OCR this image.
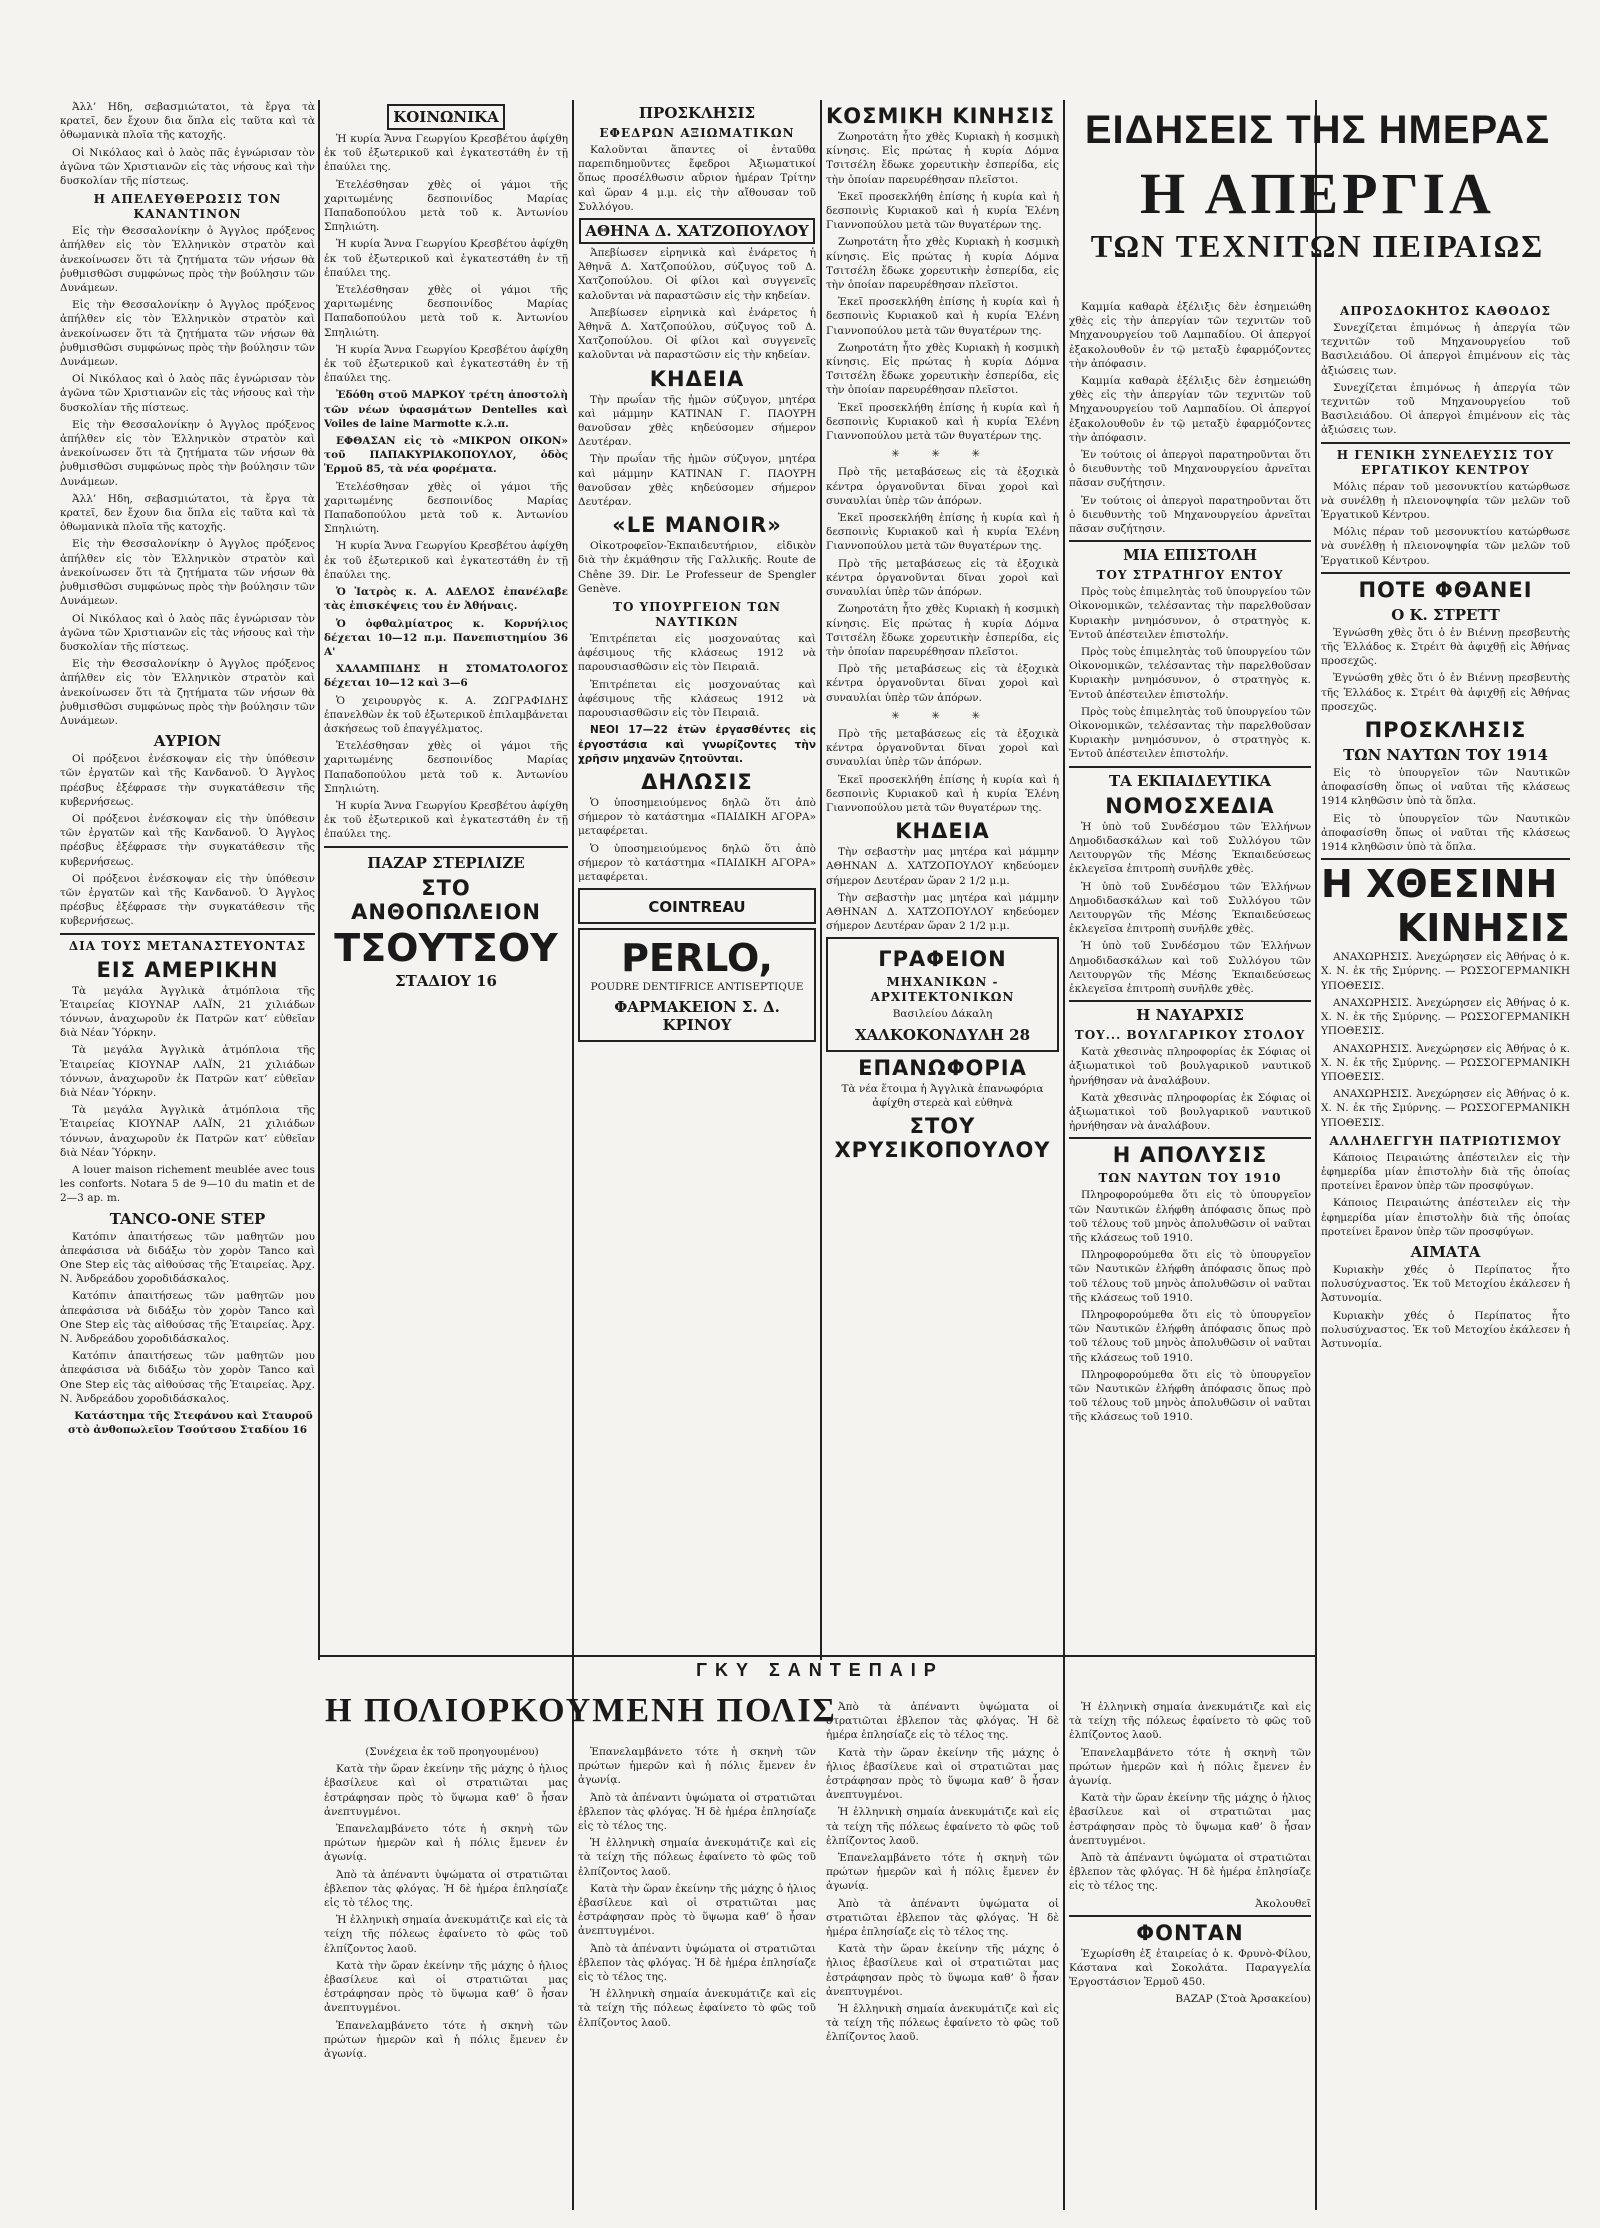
ΕΙΔΗΣΕΙΣ ΤΗΣ ΗΜΕΡΑΣ
Η ΑΠΕΡΓΙΑ
ΤΩΝ ΤΕΧΝΙΤΩΝ ΠΕΙΡΑΙΩΣ

Ἀλλ’ Ηδη, σεβασμιώτατοι, τὰ ἔργα τὰ κρατεῖ, δεν ἔχουν δια ὅπλα εἰς ταῦτα καὶ τὰ ὀθωμανικὰ πλοῖα τῆς κατοχῆς.

Οἱ Νικόλαος καὶ ὁ λαὸς πᾶς ἐγνώρισαν τὸν ἀγῶνα τῶν Χριστιανῶν εἰς τὰς νήσους καὶ τὴν δυσκολίαν τῆς πίστεως.

Η ΑΠΕΛΕΥΘΕΡΩΣΙΣ ΤΟΝ ΚΑΝΑΝΤΙΝΟΝ

Εἰς τὴν Θεσσαλονίκην ὁ Ἀγγλος πρόξενος ἀπήλθεν εἰς τὸν Ἑλληνικὸν στρατὸν καὶ ἀνεκοίνωσεν ὅτι τὰ ζητήματα τῶν νήσων θὰ ῥυθμισθῶσι συμφώνως πρὸς τὴν βούλησιν τῶν Δυνάμεων.

Εἰς τὴν Θεσσαλονίκην ὁ Ἀγγλος πρόξενος ἀπήλθεν εἰς τὸν Ἑλληνικὸν στρατὸν καὶ ἀνεκοίνωσεν ὅτι τὰ ζητήματα τῶν νήσων θὰ ῥυθμισθῶσι συμφώνως πρὸς τὴν βούλησιν τῶν Δυνάμεων.

Οἱ Νικόλαος καὶ ὁ λαὸς πᾶς ἐγνώρισαν τὸν ἀγῶνα τῶν Χριστιανῶν εἰς τὰς νήσους καὶ τὴν δυσκολίαν τῆς πίστεως.

Εἰς τὴν Θεσσαλονίκην ὁ Ἀγγλος πρόξενος ἀπήλθεν εἰς τὸν Ἑλληνικὸν στρατὸν καὶ ἀνεκοίνωσεν ὅτι τὰ ζητήματα τῶν νήσων θὰ ῥυθμισθῶσι συμφώνως πρὸς τὴν βούλησιν τῶν Δυνάμεων.

Ἀλλ’ Ηδη, σεβασμιώτατοι, τὰ ἔργα τὰ κρατεῖ, δεν ἔχουν δια ὅπλα εἰς ταῦτα καὶ τὰ ὀθωμανικὰ πλοῖα τῆς κατοχῆς.

Εἰς τὴν Θεσσαλονίκην ὁ Ἀγγλος πρόξενος ἀπήλθεν εἰς τὸν Ἑλληνικὸν στρατὸν καὶ ἀνεκοίνωσεν ὅτι τὰ ζητήματα τῶν νήσων θὰ ῥυθμισθῶσι συμφώνως πρὸς τὴν βούλησιν τῶν Δυνάμεων.

Οἱ Νικόλαος καὶ ὁ λαὸς πᾶς ἐγνώρισαν τὸν ἀγῶνα τῶν Χριστιανῶν εἰς τὰς νήσους καὶ τὴν δυσκολίαν τῆς πίστεως.

Εἰς τὴν Θεσσαλονίκην ὁ Ἀγγλος πρόξενος ἀπήλθεν εἰς τὸν Ἑλληνικὸν στρατὸν καὶ ἀνεκοίνωσεν ὅτι τὰ ζητήματα τῶν νήσων θὰ ῥυθμισθῶσι συμφώνως πρὸς τὴν βούλησιν τῶν Δυνάμεων.

ΑΥΡΙΟΝ

Οἱ πρόξενοι ἐνέσκοψαν εἰς τὴν ὑπόθεσιν τῶν ἐργατῶν καὶ τῆς Κανδανοῦ. Ὁ Ἀγγλος πρέσβυς ἐξέφρασε τὴν συγκατάθεσιν τῆς κυβερνήσεως.

Οἱ πρόξενοι ἐνέσκοψαν εἰς τὴν ὑπόθεσιν τῶν ἐργατῶν καὶ τῆς Κανδανοῦ. Ὁ Ἀγγλος πρέσβυς ἐξέφρασε τὴν συγκατάθεσιν τῆς κυβερνήσεως.

Οἱ πρόξενοι ἐνέσκοψαν εἰς τὴν ὑπόθεσιν τῶν ἐργατῶν καὶ τῆς Κανδανοῦ. Ὁ Ἀγγλος πρέσβυς ἐξέφρασε τὴν συγκατάθεσιν τῆς κυβερνήσεως.

ΔΙΑ ΤΟΥΣ ΜΕΤΑΝΑΣΤΕΥΟΝΤΑΣ
ΕΙΣ ΑΜΕΡΙΚΗΝ

Τὰ μεγάλα Ἀγγλικὰ ἀτμόπλοια τῆς Ἑταιρείας ΚΙΟΥΝΑΡ ΛΑΪΝ, 21 χιλιάδων τόννων, ἀναχωροῦν ἐκ Πατρῶν κατ’ εὐθεῖαν διὰ Νέαν Ὑόρκην.

Τὰ μεγάλα Ἀγγλικὰ ἀτμόπλοια τῆς Ἑταιρείας ΚΙΟΥΝΑΡ ΛΑΪΝ, 21 χιλιάδων τόννων, ἀναχωροῦν ἐκ Πατρῶν κατ’ εὐθεῖαν διὰ Νέαν Ὑόρκην.

Τὰ μεγάλα Ἀγγλικὰ ἀτμόπλοια τῆς Ἑταιρείας ΚΙΟΥΝΑΡ ΛΑΪΝ, 21 χιλιάδων τόννων, ἀναχωροῦν ἐκ Πατρῶν κατ’ εὐθεῖαν διὰ Νέαν Ὑόρκην.

A louer maison richement meublée avec tous les conforts. Notara 5 de 9—10 du matin et de 2—3 ap. m.

TANCO-ONE STEP

Κατόπιν ἀπαιτήσεως τῶν μαθητῶν μου ἀπεφάσισα νὰ διδάξω τὸν χορὸν Tanco καὶ One Step εἰς τὰς αἰθούσας τῆς Ἑταιρείας. Ἀρχ. Ν. Ἀνδρεάδου χοροδιδάσκαλος.

Κατόπιν ἀπαιτήσεως τῶν μαθητῶν μου ἀπεφάσισα νὰ διδάξω τὸν χορὸν Tanco καὶ One Step εἰς τὰς αἰθούσας τῆς Ἑταιρείας. Ἀρχ. Ν. Ἀνδρεάδου χοροδιδάσκαλος.

Κατόπιν ἀπαιτήσεως τῶν μαθητῶν μου ἀπεφάσισα νὰ διδάξω τὸν χορὸν Tanco καὶ One Step εἰς τὰς αἰθούσας τῆς Ἑταιρείας. Ἀρχ. Ν. Ἀνδρεάδου χοροδιδάσκαλος.

Κατάστημα τῆς Στεφάνου καὶ Σταυροῦ στὸ ἀνθοπωλεῖον Τσούτσου Σταδίου 16

ΚΟΙΝΩΝΙΚΑ

Ἡ κυρία Ἄννα Γεωργίου Κρεσβέτου ἀφίχθη ἐκ τοῦ ἐξωτερικοῦ καὶ ἐγκατεστάθη ἐν τῇ ἐπαύλει της.

Ἐτελέσθησαν χθὲς οἱ γάμοι τῆς χαριτωμένης δεσποινίδος Μαρίας Παπαδοπούλου μετὰ τοῦ κ. Ἀντωνίου Σπηλιώτη.

Ἡ κυρία Ἄννα Γεωργίου Κρεσβέτου ἀφίχθη ἐκ τοῦ ἐξωτερικοῦ καὶ ἐγκατεστάθη ἐν τῇ ἐπαύλει της.

Ἐτελέσθησαν χθὲς οἱ γάμοι τῆς χαριτωμένης δεσποινίδος Μαρίας Παπαδοπούλου μετὰ τοῦ κ. Ἀντωνίου Σπηλιώτη.

Ἡ κυρία Ἄννα Γεωργίου Κρεσβέτου ἀφίχθη ἐκ τοῦ ἐξωτερικοῦ καὶ ἐγκατεστάθη ἐν τῇ ἐπαύλει της.

Ἐδόθη στοῦ ΜΑΡΚΟΥ τρέτη ἀποστολὴ τῶν νέων ὑφασμάτων Dentelles καὶ Voiles de laine Marmotte κ.λ.π.

ΕΦΘΑΣΑΝ εἰς τὸ «ΜΙΚΡΟΝ ΟΙΚΟΝ» τοῦ ΠΑΠΑΚΥΡΙΑΚΟΠΟΥΛΟΥ, ὁδὸς Ἑρμοῦ 85, τὰ νέα φορέματα.

Ἐτελέσθησαν χθὲς οἱ γάμοι τῆς χαριτωμένης δεσποινίδος Μαρίας Παπαδοπούλου μετὰ τοῦ κ. Ἀντωνίου Σπηλιώτη.

Ἡ κυρία Ἄννα Γεωργίου Κρεσβέτου ἀφίχθη ἐκ τοῦ ἐξωτερικοῦ καὶ ἐγκατεστάθη ἐν τῇ ἐπαύλει της.

Ὁ Ἰατρὸς κ. Α. ΑΔΕΛΟΣ ἐπανέλαβε τὰς ἐπισκέψεις του ἐν Ἀθήναις.

Ὁ ὀφθαλμίατρος κ. Κορνήλιος δέχεται 10—12 π.μ. Πανεπιστημίου 36 Α'

ΧΑΛΑΜΠΙΔΗΣ Η ΣΤΟΜΑΤΟΛΟΓΟΣ δέχεται 10—12 καὶ 3—6

Ὁ χειρουργὸς κ. Α. ΖΩΓΡΑΦΙΔΗΣ ἐπανελθὼν ἐκ τοῦ ἐξωτερικοῦ ἐπιλαμβάνεται ἀσκήσεως τοῦ ἐπαγγέλματος.

Ἐτελέσθησαν χθὲς οἱ γάμοι τῆς χαριτωμένης δεσποινίδος Μαρίας Παπαδοπούλου μετὰ τοῦ κ. Ἀντωνίου Σπηλιώτη.

Ἡ κυρία Ἄννα Γεωργίου Κρεσβέτου ἀφίχθη ἐκ τοῦ ἐξωτερικοῦ καὶ ἐγκατεστάθη ἐν τῇ ἐπαύλει της.

ΠΑΖΑΡ ΣΤΕΡΙΛΙΖΕ
ΣΤΟ ΑΝΘΟΠΩΛΕΙΟΝ
ΤΣΟΥΤΣΟΥ
ΣΤΑΔΙΟΥ 16
ΠΡΟΣΚΛΗΣΙΣ
ΕΦΕΔΡΩΝ ΑΞΙΩΜΑΤΙΚΩΝ

Καλοῦνται ἅπαντες οἱ ἐνταῦθα παρεπιδημοῦντες ἔφεδροι Ἀξιωματικοί ὅπως προσέλθωσιν αὔριον ἡμέραν Τρίτην καὶ ὥραν 4 μ.μ. εἰς τὴν αἴθουσαν τοῦ Συλλόγου.

ΑΘΗΝΑ Δ. ΧΑΤΖΟΠΟΥΛΟΥ

Ἀπεβίωσεν εἰρηνικὰ καὶ ἐνάρετος ἡ Ἀθηνᾶ Δ. Χατζοπούλου, σύζυγος τοῦ Δ. Χατζοπούλου. Οἱ φίλοι καὶ συγγενεῖς καλοῦνται νὰ παραστῶσιν εἰς τὴν κηδείαν.

Ἀπεβίωσεν εἰρηνικὰ καὶ ἐνάρετος ἡ Ἀθηνᾶ Δ. Χατζοπούλου, σύζυγος τοῦ Δ. Χατζοπούλου. Οἱ φίλοι καὶ συγγενεῖς καλοῦνται νὰ παραστῶσιν εἰς τὴν κηδείαν.

ΚΗΔΕΙΑ

Τὴν πρωΐαν τῆς ἡμῶν σύζυγον, μητέρα καὶ μάμμην ΚΑΤΙΝΑΝ Γ. ΠΑΟΥΡΗ θανοῦσαν χθὲς κηδεύσομεν σήμερον Δευτέραν.

Τὴν πρωΐαν τῆς ἡμῶν σύζυγον, μητέρα καὶ μάμμην ΚΑΤΙΝΑΝ Γ. ΠΑΟΥΡΗ θανοῦσαν χθὲς κηδεύσομεν σήμερον Δευτέραν.

«LE MANOIR»

Οἰκοτροφεῖον-Ἐκπαιδευτήριον, εἰδικὸν διὰ τὴν ἐκμάθησιν τῆς Γαλλικῆς. Route de Chêne 39. Dir. Le Professeur de Spengler Genève.

ΤΟ ΥΠΟΥΡΓΕΙΟΝ ΤΩΝ ΝΑΥΤΙΚΩΝ

Ἐπιτρέπεται εἰς μοσχοναύτας καὶ ἀφέσιμους τῆς κλάσεως 1912 νὰ παρουσιασθῶσιν εἰς τὸν Πειραιᾶ.

Ἐπιτρέπεται εἰς μοσχοναύτας καὶ ἀφέσιμους τῆς κλάσεως 1912 νὰ παρουσιασθῶσιν εἰς τὸν Πειραιᾶ.

ΝΕΟΙ 17—22 ἐτῶν ἐργασθέντες εἰς ἐργοστάσια καὶ γνωρίζοντες τὴν χρῆσιν μηχανῶν ζητοῦνται.

ΔΗΛΩΣΙΣ

Ὁ ὑποσημειούμενος δηλῶ ὅτι ἀπὸ σήμερον τὸ κατάστημα «ΠΑΙΔΙΚΗ ΑΓΟΡΑ» μεταφέρεται.

Ὁ ὑποσημειούμενος δηλῶ ὅτι ἀπὸ σήμερον τὸ κατάστημα «ΠΑΙΔΙΚΗ ΑΓΟΡΑ» μεταφέρεται.

COINTREAU
PERLO,
POUDRE DENTIFRICE ANTISEPTIQUE
ΦΑΡΜΑΚΕΙΟΝ Σ. Δ. ΚΡΙΝΟΥ
ΚΟΣΜΙΚΗ ΚΙΝΗΣΙΣ

Ζωηροτάτη ἦτο χθὲς Κυριακὴ ἡ κοσμικὴ κίνησις. Εἰς πρώτας ἡ κυρία Δόμνα Τσιτσέλη ἔδωκε χορευτικὴν ἑσπερίδα, εἰς τὴν ὁποίαν παρευρέθησαν πλεῖστοι.

Ἐκεῖ προσεκλήθη ἐπίσης ἡ κυρία καὶ ἡ δεσποινὶς Κυριακοῦ καὶ ἡ κυρία Ἑλένη Γιαννοπούλου μετὰ τῶν θυγατέρων της.

Ζωηροτάτη ἦτο χθὲς Κυριακὴ ἡ κοσμικὴ κίνησις. Εἰς πρώτας ἡ κυρία Δόμνα Τσιτσέλη ἔδωκε χορευτικὴν ἑσπερίδα, εἰς τὴν ὁποίαν παρευρέθησαν πλεῖστοι.

Ἐκεῖ προσεκλήθη ἐπίσης ἡ κυρία καὶ ἡ δεσποινὶς Κυριακοῦ καὶ ἡ κυρία Ἑλένη Γιαννοπούλου μετὰ τῶν θυγατέρων της.

Ζωηροτάτη ἦτο χθὲς Κυριακὴ ἡ κοσμικὴ κίνησις. Εἰς πρώτας ἡ κυρία Δόμνα Τσιτσέλη ἔδωκε χορευτικὴν ἑσπερίδα, εἰς τὴν ὁποίαν παρευρέθησαν πλεῖστοι.

Ἐκεῖ προσεκλήθη ἐπίσης ἡ κυρία καὶ ἡ δεσποινὶς Κυριακοῦ καὶ ἡ κυρία Ἑλένη Γιαννοπούλου μετὰ τῶν θυγατέρων της.

✳ ✳ ✳

Πρὸ τῆς μεταβάσεως εἰς τὰ ἐξοχικὰ κέντρα ὀργανοῦνται δῖναι χοροὶ καὶ συναυλίαι ὑπὲρ τῶν ἀπόρων.

Ἐκεῖ προσεκλήθη ἐπίσης ἡ κυρία καὶ ἡ δεσποινὶς Κυριακοῦ καὶ ἡ κυρία Ἑλένη Γιαννοπούλου μετὰ τῶν θυγατέρων της.

Πρὸ τῆς μεταβάσεως εἰς τὰ ἐξοχικὰ κέντρα ὀργανοῦνται δῖναι χοροὶ καὶ συναυλίαι ὑπὲρ τῶν ἀπόρων.

Ζωηροτάτη ἦτο χθὲς Κυριακὴ ἡ κοσμικὴ κίνησις. Εἰς πρώτας ἡ κυρία Δόμνα Τσιτσέλη ἔδωκε χορευτικὴν ἑσπερίδα, εἰς τὴν ὁποίαν παρευρέθησαν πλεῖστοι.

Πρὸ τῆς μεταβάσεως εἰς τὰ ἐξοχικὰ κέντρα ὀργανοῦνται δῖναι χοροὶ καὶ συναυλίαι ὑπὲρ τῶν ἀπόρων.

✳ ✳ ✳

Πρὸ τῆς μεταβάσεως εἰς τὰ ἐξοχικὰ κέντρα ὀργανοῦνται δῖναι χοροὶ καὶ συναυλίαι ὑπὲρ τῶν ἀπόρων.

Ἐκεῖ προσεκλήθη ἐπίσης ἡ κυρία καὶ ἡ δεσποινὶς Κυριακοῦ καὶ ἡ κυρία Ἑλένη Γιαννοπούλου μετὰ τῶν θυγατέρων της.

ΚΗΔΕΙΑ

Τὴν σεβαστὴν μας μητέρα καὶ μάμμην ΑΘΗΝΑΝ Δ. ΧΑΤΖΟΠΟΥΛΟΥ κηδεύομεν σήμερον Δευτέραν ὥραν 2 1/2 μ.μ.

Τὴν σεβαστὴν μας μητέρα καὶ μάμμην ΑΘΗΝΑΝ Δ. ΧΑΤΖΟΠΟΥΛΟΥ κηδεύομεν σήμερον Δευτέραν ὥραν 2 1/2 μ.μ.

ΓΡΑΦΕΙΟΝ
ΜΗΧΑΝΙΚΩΝ - ΑΡΧΙΤΕΚΤΟΝΙΚΩΝ
Βασιλείου Δάκαλη
ΧΑΛΚΟΚΟΝΔΥΛΗ 28
ΕΠΑΝΩΦΟΡΙΑ
Τὰ νέα ἕτοιμα ἡ Ἀγγλικὰ ἐπανωφόρια ἀφίχθη στερεὰ καὶ εὐθηνὰ
ΣΤΟΥ ΧΡΥΣΙΚΟΠΟΥΛΟΥ

Καμμία καθαρὰ ἐξέλιξις δὲν ἐσημειώθη χθὲς εἰς τὴν ἀπεργίαν τῶν τεχνιτῶν τοῦ Μηχανουργείου τοῦ Λαμπαδίου. Οἱ ἀπεργοί ἐξακολουθοῦν ἐν τῷ μεταξὺ ἐφαρμόζοντες τὴν ἀπόφασιν.

Καμμία καθαρὰ ἐξέλιξις δὲν ἐσημειώθη χθὲς εἰς τὴν ἀπεργίαν τῶν τεχνιτῶν τοῦ Μηχανουργείου τοῦ Λαμπαδίου. Οἱ ἀπεργοί ἐξακολουθοῦν ἐν τῷ μεταξὺ ἐφαρμόζοντες τὴν ἀπόφασιν.

Ἐν τούτοις οἱ ἀπεργοὶ παρατηροῦνται ὅτι ὁ διευθυντὴς τοῦ Μηχανουργείου ἀρνεῖται πᾶσαν συζήτησιν.

Ἐν τούτοις οἱ ἀπεργοὶ παρατηροῦνται ὅτι ὁ διευθυντὴς τοῦ Μηχανουργείου ἀρνεῖται πᾶσαν συζήτησιν.

ΜΙΑ ΕΠΙΣΤΟΛΗ
ΤΟΥ ΣΤΡΑΤΗΓΟΥ ΕΝΤΟΥ

Πρὸς τοὺς ἐπιμελητὰς τοῦ ὑπουργείου τῶν Οἰκονομικῶν, τελέσαντας τὴν παρελθοῦσαν Κυριακὴν μνημόσυνον, ὁ στρατηγὸς κ. Ἐντοῦ ἀπέστειλεν ἐπιστολήν.

Πρὸς τοὺς ἐπιμελητὰς τοῦ ὑπουργείου τῶν Οἰκονομικῶν, τελέσαντας τὴν παρελθοῦσαν Κυριακὴν μνημόσυνον, ὁ στρατηγὸς κ. Ἐντοῦ ἀπέστειλεν ἐπιστολήν.

Πρὸς τοὺς ἐπιμελητὰς τοῦ ὑπουργείου τῶν Οἰκονομικῶν, τελέσαντας τὴν παρελθοῦσαν Κυριακὴν μνημόσυνον, ὁ στρατηγὸς κ. Ἐντοῦ ἀπέστειλεν ἐπιστολήν.

ΤΑ ΕΚΠΑΙΔΕΥΤΙΚΑ
ΝΟΜΟΣΧΕΔΙΑ

Ἡ ὑπὸ τοῦ Συνδέσμου τῶν Ἑλλήνων Δημοδιδασκάλων καὶ τοῦ Συλλόγου τῶν Λειτουργῶν τῆς Μέσης Ἐκπαιδεύσεως ἐκλεγεῖσα ἐπιτροπὴ συνῆλθε χθὲς.

Ἡ ὑπὸ τοῦ Συνδέσμου τῶν Ἑλλήνων Δημοδιδασκάλων καὶ τοῦ Συλλόγου τῶν Λειτουργῶν τῆς Μέσης Ἐκπαιδεύσεως ἐκλεγεῖσα ἐπιτροπὴ συνῆλθε χθὲς.

Ἡ ὑπὸ τοῦ Συνδέσμου τῶν Ἑλλήνων Δημοδιδασκάλων καὶ τοῦ Συλλόγου τῶν Λειτουργῶν τῆς Μέσης Ἐκπαιδεύσεως ἐκλεγεῖσα ἐπιτροπὴ συνῆλθε χθὲς.

Η ΝΑΥΑΡΧΙΣ
ΤΟΥ... ΒΟΥΛΓΑΡΙΚΟΥ ΣΤΟΛΟΥ

Κατὰ χθεσινὰς πληροφορίας ἐκ Σόφιας οἱ ἀξιωματικοὶ τοῦ βουλγαρικοῦ ναυτικοῦ ἠρνήθησαν νὰ ἀναλάβουν.

Κατὰ χθεσινὰς πληροφορίας ἐκ Σόφιας οἱ ἀξιωματικοὶ τοῦ βουλγαρικοῦ ναυτικοῦ ἠρνήθησαν νὰ ἀναλάβουν.

Η ΑΠΟΛΥΣΙΣ
ΤΩΝ ΝΑΥΤΩΝ ΤΟΥ 1910

Πληροφορούμεθα ὅτι εἰς τὸ ὑπουργεῖον τῶν Ναυτικῶν ἐλήφθη ἀπόφασις ὅπως πρὸ τοῦ τέλους τοῦ μηνὸς ἀπολυθῶσιν οἱ ναῦται τῆς κλάσεως τοῦ 1910.

Πληροφορούμεθα ὅτι εἰς τὸ ὑπουργεῖον τῶν Ναυτικῶν ἐλήφθη ἀπόφασις ὅπως πρὸ τοῦ τέλους τοῦ μηνὸς ἀπολυθῶσιν οἱ ναῦται τῆς κλάσεως τοῦ 1910.

Πληροφορούμεθα ὅτι εἰς τὸ ὑπουργεῖον τῶν Ναυτικῶν ἐλήφθη ἀπόφασις ὅπως πρὸ τοῦ τέλους τοῦ μηνὸς ἀπολυθῶσιν οἱ ναῦται τῆς κλάσεως τοῦ 1910.

Πληροφορούμεθα ὅτι εἰς τὸ ὑπουργεῖον τῶν Ναυτικῶν ἐλήφθη ἀπόφασις ὅπως πρὸ τοῦ τέλους τοῦ μηνὸς ἀπολυθῶσιν οἱ ναῦται τῆς κλάσεως τοῦ 1910.

ΑΠΡΟΣΔΟΚΗΤΟΣ ΚΑΘΟΔΟΣ

Συνεχίζεται ἐπιμόνως ἡ ἀπεργία τῶν τεχνιτῶν τοῦ Μηχανουργείου τοῦ Βασιλειάδου. Οἱ ἀπεργοὶ ἐπιμένουν εἰς τὰς ἀξιώσεις των.

Συνεχίζεται ἐπιμόνως ἡ ἀπεργία τῶν τεχνιτῶν τοῦ Μηχανουργείου τοῦ Βασιλειάδου. Οἱ ἀπεργοὶ ἐπιμένουν εἰς τὰς ἀξιώσεις των.

Η ΓΕΝΙΚΗ ΣΥΝΕΛΕΥΣΙΣ ΤΟΥ ΕΡΓΑΤΙΚΟΥ ΚΕΝΤΡΟΥ

Μόλις πέραν τοῦ μεσονυκτίου κατώρθωσε νὰ συνέλθῃ ἡ πλειονοψηφία τῶν μελῶν τοῦ Ἐργατικοῦ Κέντρου.

Μόλις πέραν τοῦ μεσονυκτίου κατώρθωσε νὰ συνέλθῃ ἡ πλειονοψηφία τῶν μελῶν τοῦ Ἐργατικοῦ Κέντρου.

ΠΟΤΕ ΦΘΑΝΕΙ
Ο Κ. ΣΤΡΕΤΤ

Ἐγνώσθη χθὲς ὅτι ὁ ἐν Βιέννῃ πρεσβευτὴς τῆς Ἑλλάδος κ. Στρέιτ θὰ ἀφιχθῇ εἰς Ἀθήνας προσεχῶς.

Ἐγνώσθη χθὲς ὅτι ὁ ἐν Βιέννῃ πρεσβευτὴς τῆς Ἑλλάδος κ. Στρέιτ θὰ ἀφιχθῇ εἰς Ἀθήνας προσεχῶς.

ΠΡΟΣΚΛΗΣΙΣ
ΤΩΝ ΝΑΥΤΩΝ ΤΟΥ 1914

Εἰς τὸ ὑπουργεῖον τῶν Ναυτικῶν ἀποφασίσθη ὅπως οἱ ναῦται τῆς κλάσεως 1914 κληθῶσιν ὑπὸ τὰ ὅπλα.

Εἰς τὸ ὑπουργεῖον τῶν Ναυτικῶν ἀποφασίσθη ὅπως οἱ ναῦται τῆς κλάσεως 1914 κληθῶσιν ὑπὸ τὰ ὅπλα.

Η ΧΘΕΣΙΝΗ
ΚΙΝΗΣΙΣ

ΑΝΑΧΩΡΗΣΙΣ. Ἀνεχώρησεν εἰς Ἀθήνας ὁ κ. Χ. Ν. ἐκ τῆς Σμύρνης. — ΡΩΣΣΟΓΕΡΜΑΝΙΚΗ ΥΠΟΘΕΣΙΣ.

ΑΝΑΧΩΡΗΣΙΣ. Ἀνεχώρησεν εἰς Ἀθήνας ὁ κ. Χ. Ν. ἐκ τῆς Σμύρνης. — ΡΩΣΣΟΓΕΡΜΑΝΙΚΗ ΥΠΟΘΕΣΙΣ.

ΑΝΑΧΩΡΗΣΙΣ. Ἀνεχώρησεν εἰς Ἀθήνας ὁ κ. Χ. Ν. ἐκ τῆς Σμύρνης. — ΡΩΣΣΟΓΕΡΜΑΝΙΚΗ ΥΠΟΘΕΣΙΣ.

ΑΝΑΧΩΡΗΣΙΣ. Ἀνεχώρησεν εἰς Ἀθήνας ὁ κ. Χ. Ν. ἐκ τῆς Σμύρνης. — ΡΩΣΣΟΓΕΡΜΑΝΙΚΗ ΥΠΟΘΕΣΙΣ.

ΑΛΛΗΛΕΓΓΥΗ ΠΑΤΡΙΩΤΙΣΜΟΥ

Κάποιος Πειραιώτης ἀπέστειλεν εἰς τὴν ἐφημερίδα μίαν ἐπιστολὴν διὰ τῆς ὁποίας προτείνει ἔρανον ὑπὲρ τῶν προσφύγων.

Κάποιος Πειραιώτης ἀπέστειλεν εἰς τὴν ἐφημερίδα μίαν ἐπιστολὴν διὰ τῆς ὁποίας προτείνει ἔρανον ὑπὲρ τῶν προσφύγων.

ΑΙΜΑΤΑ

Κυριακὴν χθές ὁ Περίπατος ἦτο πολυσύχναστος. Ἐκ τοῦ Μετοχίου ἐκάλεσεν ἡ Ἀστυνομία.

Κυριακὴν χθές ὁ Περίπατος ἦτο πολυσύχναστος. Ἐκ τοῦ Μετοχίου ἐκάλεσεν ἡ Ἀστυνομία.

ΓΚΥ ΣΑΝΤΕΠΑΙΡ
Η ΠΟΛΙΟΡΚΟΥΜΕΝΗ ΠΟΛΙΣ

(Συνέχεια ἐκ τοῦ προηγουμένου)

Κατὰ τὴν ὥραν ἐκείνην τῆς μάχης ὁ ἡλιος ἐβασίλευε καὶ οἱ στρατιῶται μας ἐστράφησαν πρὸς τὸ ὕψωμα καθ’ ὃ ἦσαν ἀνεπτυγμένοι.

Ἐπανελαμβάνετο τότε ἡ σκηνὴ τῶν πρώτων ἡμερῶν καὶ ἡ πόλις ἔμενεν ἐν ἀγωνίᾳ.

Ἀπὸ τὰ ἀπέναντι ὑψώματα οἱ στρατιῶται ἐβλεπον τὰς φλόγας. Ἡ δὲ ἡμέρα ἐπλησίαζε εἰς τὸ τέλος της.

Ἡ ἐλληνικὴ σημαία ἀνεκυμάτιζε καὶ εἰς τὰ τείχη τῆς πόλεως ἐφαίνετο τὸ φῶς τοῦ ἐλπίζοντος λαοῦ.

Κατὰ τὴν ὥραν ἐκείνην τῆς μάχης ὁ ἡλιος ἐβασίλευε καὶ οἱ στρατιῶται μας ἐστράφησαν πρὸς τὸ ὕψωμα καθ’ ὃ ἦσαν ἀνεπτυγμένοι.

Ἐπανελαμβάνετο τότε ἡ σκηνὴ τῶν πρώτων ἡμερῶν καὶ ἡ πόλις ἔμενεν ἐν ἀγωνίᾳ.

Ἐπανελαμβάνετο τότε ἡ σκηνὴ τῶν πρώτων ἡμερῶν καὶ ἡ πόλις ἔμενεν ἐν ἀγωνίᾳ.

Ἀπὸ τὰ ἀπέναντι ὑψώματα οἱ στρατιῶται ἐβλεπον τὰς φλόγας. Ἡ δὲ ἡμέρα ἐπλησίαζε εἰς τὸ τέλος της.

Ἡ ἐλληνικὴ σημαία ἀνεκυμάτιζε καὶ εἰς τὰ τείχη τῆς πόλεως ἐφαίνετο τὸ φῶς τοῦ ἐλπίζοντος λαοῦ.

Κατὰ τὴν ὥραν ἐκείνην τῆς μάχης ὁ ἡλιος ἐβασίλευε καὶ οἱ στρατιῶται μας ἐστράφησαν πρὸς τὸ ὕψωμα καθ’ ὃ ἦσαν ἀνεπτυγμένοι.

Ἀπὸ τὰ ἀπέναντι ὑψώματα οἱ στρατιῶται ἐβλεπον τὰς φλόγας. Ἡ δὲ ἡμέρα ἐπλησίαζε εἰς τὸ τέλος της.

Ἡ ἐλληνικὴ σημαία ἀνεκυμάτιζε καὶ εἰς τὰ τείχη τῆς πόλεως ἐφαίνετο τὸ φῶς τοῦ ἐλπίζοντος λαοῦ.

Ἀπὸ τὰ ἀπέναντι ὑψώματα οἱ στρατιῶται ἐβλεπον τὰς φλόγας. Ἡ δὲ ἡμέρα ἐπλησίαζε εἰς τὸ τέλος της.

Κατὰ τὴν ὥραν ἐκείνην τῆς μάχης ὁ ἡλιος ἐβασίλευε καὶ οἱ στρατιῶται μας ἐστράφησαν πρὸς τὸ ὕψωμα καθ’ ὃ ἦσαν ἀνεπτυγμένοι.

Ἡ ἐλληνικὴ σημαία ἀνεκυμάτιζε καὶ εἰς τὰ τείχη τῆς πόλεως ἐφαίνετο τὸ φῶς τοῦ ἐλπίζοντος λαοῦ.

Ἐπανελαμβάνετο τότε ἡ σκηνὴ τῶν πρώτων ἡμερῶν καὶ ἡ πόλις ἔμενεν ἐν ἀγωνίᾳ.

Ἀπὸ τὰ ἀπέναντι ὑψώματα οἱ στρατιῶται ἐβλεπον τὰς φλόγας. Ἡ δὲ ἡμέρα ἐπλησίαζε εἰς τὸ τέλος της.

Κατὰ τὴν ὥραν ἐκείνην τῆς μάχης ὁ ἡλιος ἐβασίλευε καὶ οἱ στρατιῶται μας ἐστράφησαν πρὸς τὸ ὕψωμα καθ’ ὃ ἦσαν ἀνεπτυγμένοι.

Ἡ ἐλληνικὴ σημαία ἀνεκυμάτιζε καὶ εἰς τὰ τείχη τῆς πόλεως ἐφαίνετο τὸ φῶς τοῦ ἐλπίζοντος λαοῦ.

Ἡ ἐλληνικὴ σημαία ἀνεκυμάτιζε καὶ εἰς τὰ τείχη τῆς πόλεως ἐφαίνετο τὸ φῶς τοῦ ἐλπίζοντος λαοῦ.

Ἐπανελαμβάνετο τότε ἡ σκηνὴ τῶν πρώτων ἡμερῶν καὶ ἡ πόλις ἔμενεν ἐν ἀγωνίᾳ.

Κατὰ τὴν ὥραν ἐκείνην τῆς μάχης ὁ ἡλιος ἐβασίλευε καὶ οἱ στρατιῶται μας ἐστράφησαν πρὸς τὸ ὕψωμα καθ’ ὃ ἦσαν ἀνεπτυγμένοι.

Ἀπὸ τὰ ἀπέναντι ὑψώματα οἱ στρατιῶται ἐβλεπον τὰς φλόγας. Ἡ δὲ ἡμέρα ἐπλησίαζε εἰς τὸ τέλος της.

Ἀκολουθεῖ

ΦΟΝΤΑΝ

Ἐχωρίσθη ἐξ ἐταιρείας ὁ κ. Φρυνὸ-Φίλου, Κάστανα καὶ Σοκολάτα. Παραγγελία Ἐργοστάσιον Ἑρμοῦ 450.

ΒΑΖΑΡ (Στοὰ Ἀρσακείου)
